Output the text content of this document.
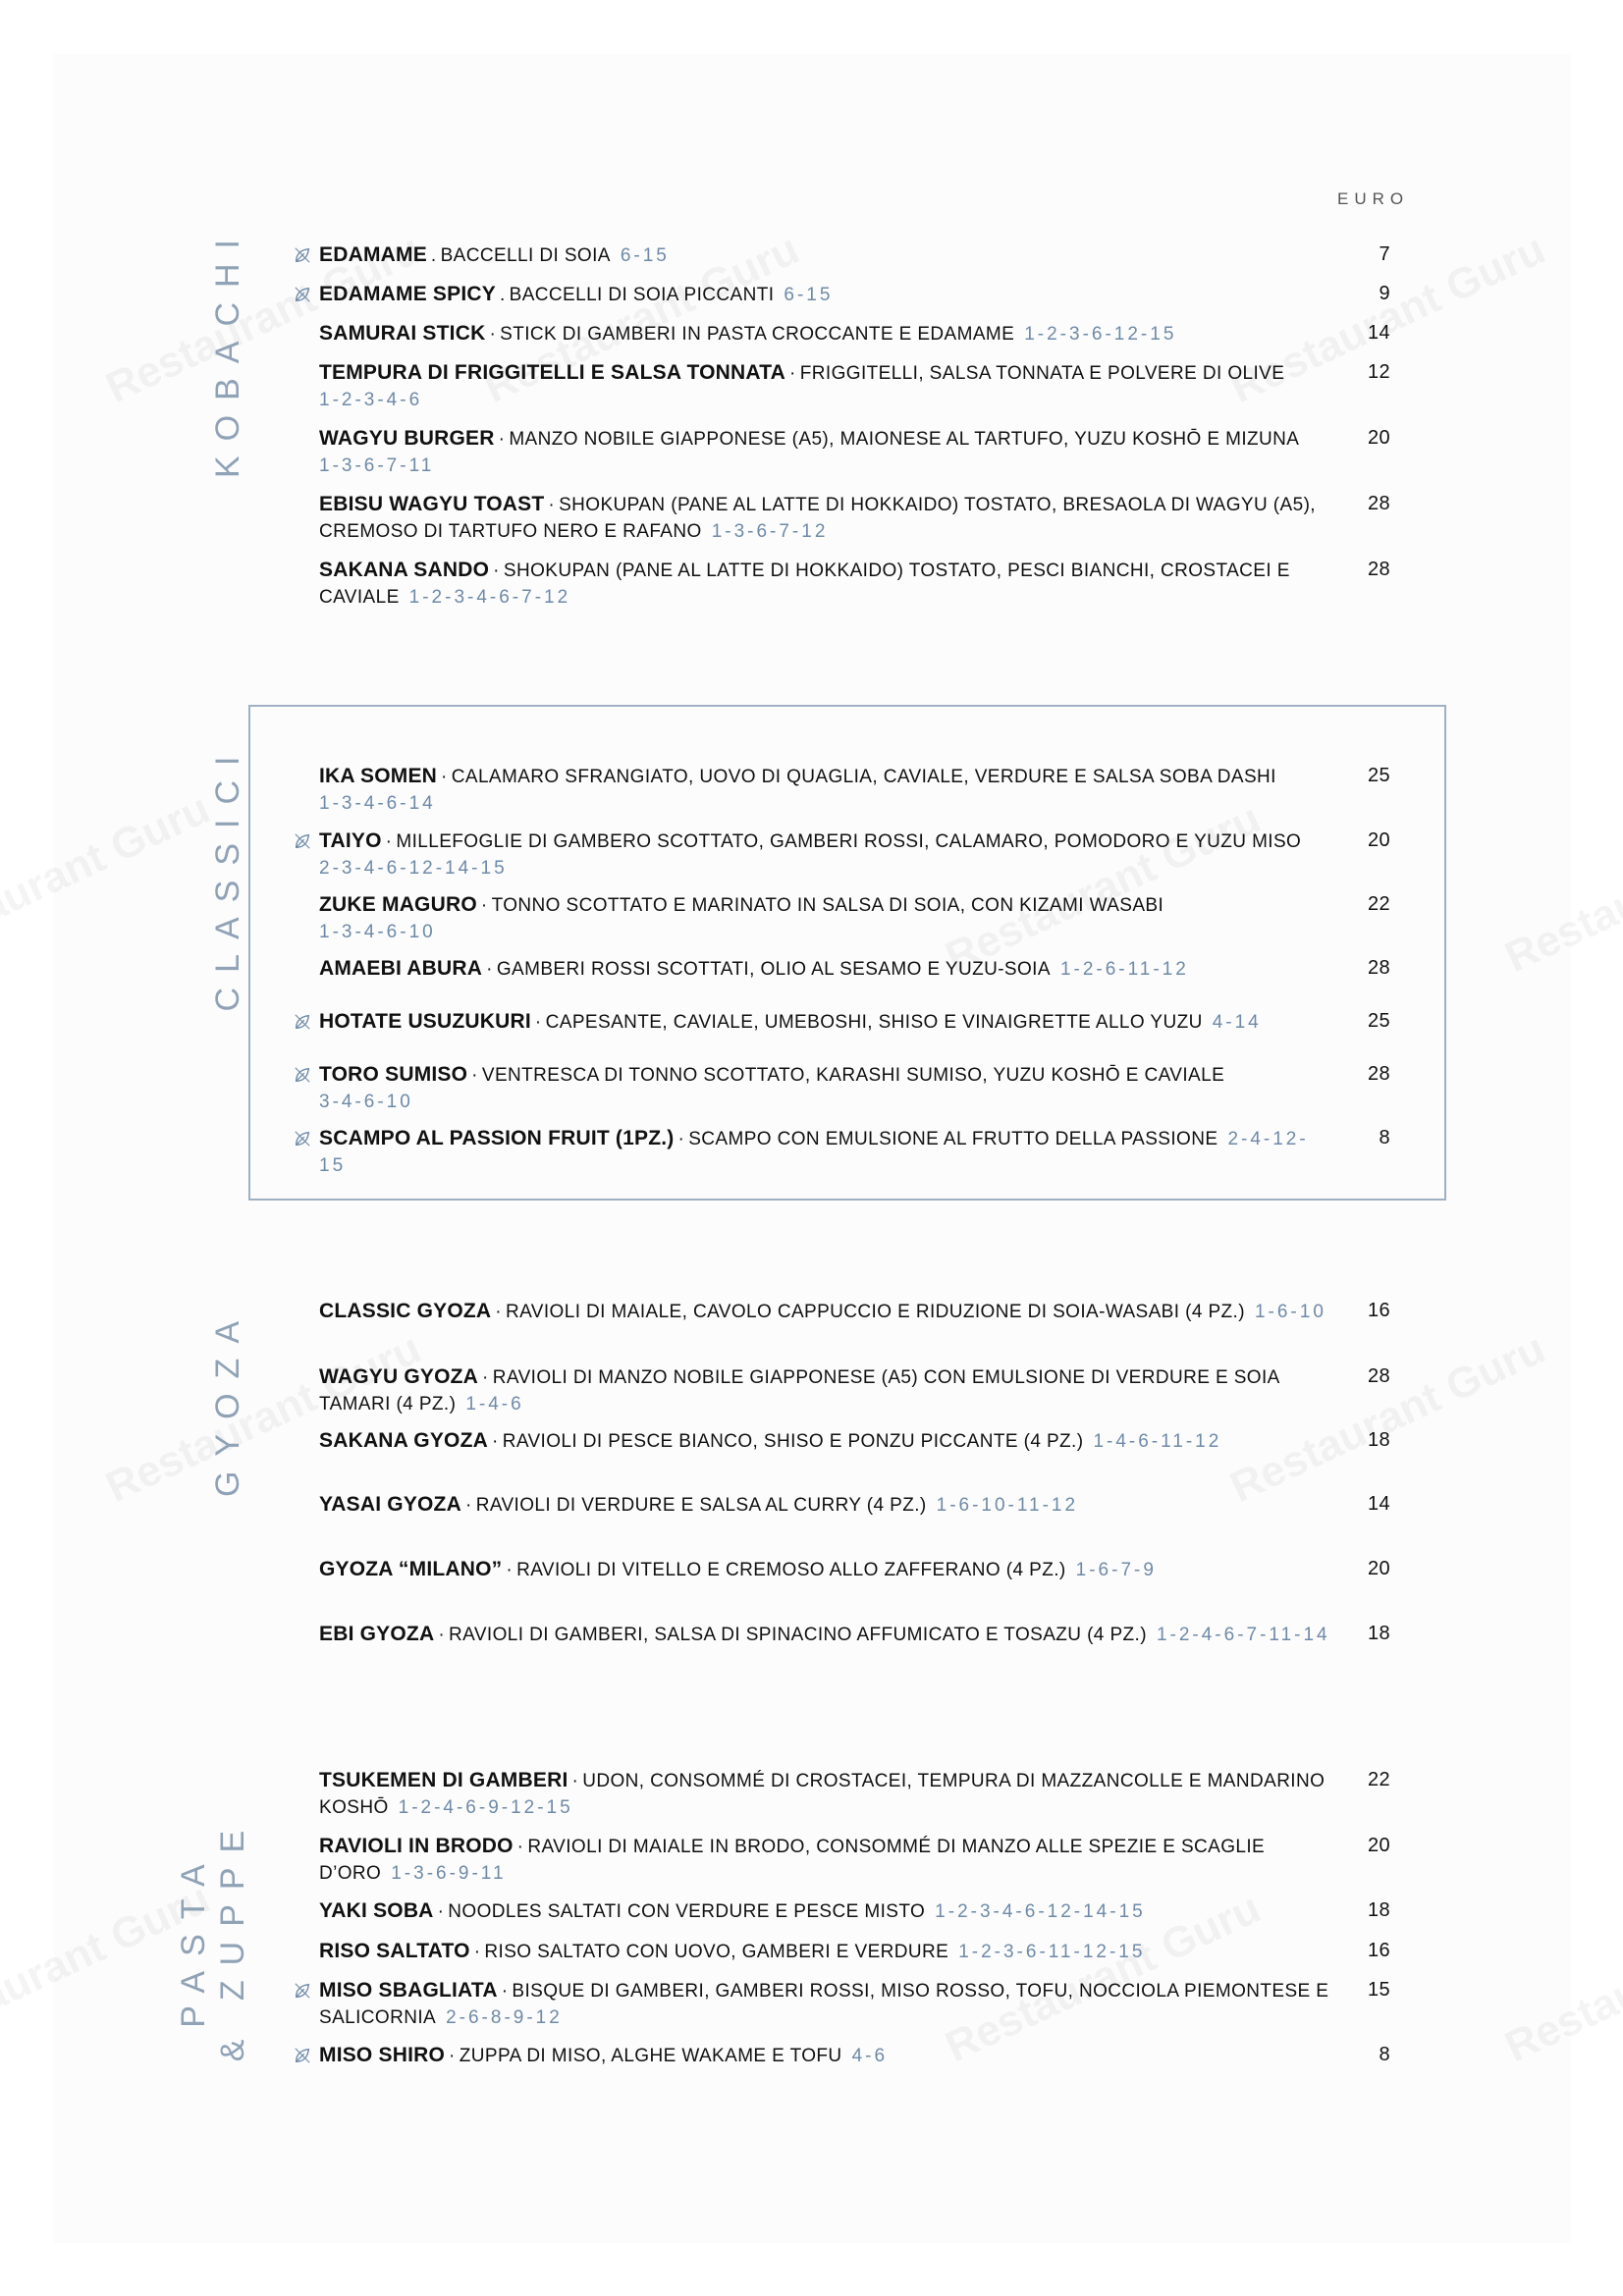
EURO
KOBACHI
CLASSICI
GYOZA
PASTA & ZUPPE
EDAMAME . BACCELLI DI SOIA 6-15	7
EDAMAME SPICY . BACCELLI DI SOIA PICCANTI 6-15	9
SAMURAI STICK · STICK DI GAMBERI IN PASTA CROCCANTE E EDAMAME 1-2-3-6-12-15	14
TEMPURA DI FRIGGITELLI E SALSA TONNATA · FRIGGITELLI, SALSA TONNATA E POLVERE DI OLIVE
1-2-3-4-6
12
WAGYU BURGER · MANZO NOBILE GIAPPONESE (A5), MAIONESE AL TARTUFO, YUZU KOSHŌ E MIZUNA
1-3-6-7-11
20
EBISU WAGYU TOAST · SHOKUPAN (PANE AL LATTE DI HOKKAIDO) TOSTATO, BRESAOLA DI WAGYU (A5), CREMOSO DI TARTUFO NERO E RAFANO 1-3-6-7-12
28
SAKANA SANDO · SHOKUPAN (PANE AL LATTE DI HOKKAIDO) TOSTATO, PESCI BIANCHI, CROSTACEI E CAVIALE 1-2-3-4-6-7-12
28
IKA SOMEN · CALAMARO SFRANGIATO, UOVO DI QUAGLIA, CAVIALE, VERDURE E SALSA SOBA DASHI
1-3-4-6-14
25
TAIYO · MILLEFOGLIE DI GAMBERO SCOTTATO, GAMBERI ROSSI, CALAMARO, POMODORO E YUZU MISO
2-3-4-6-12-14-15
20
ZUKE MAGURO · TONNO SCOTTATO E MARINATO IN SALSA DI SOIA, CON KIZAMI WASABI
1-3-4-6-10
22
AMAEBI ABURA · GAMBERI ROSSI SCOTTATI, OLIO AL SESAMO E YUZU-SOIA 1-2-6-11-12	28
HOTATE USUZUKURI · CAPESANTE, CAVIALE, UMEBOSHI, SHISO E VINAIGRETTE ALLO YUZU 4-14	25
TORO SUMISO · VENTRESCA DI TONNO SCOTTATO, KARASHI SUMISO, YUZU KOSHŌ E CAVIALE
3-4-6-10
28
SCAMPO AL PASSION FRUIT (1PZ.) · SCAMPO CON EMULSIONE AL FRUTTO DELLA PASSIONE 2-4-12-15
8
CLASSIC GYOZA · RAVIOLI DI MAIALE, CAVOLO CAPPUCCIO E RIDUZIONE DI SOIA-WASABI (4 PZ.) 1-6-10 16
WAGYU GYOZA · RAVIOLI DI MANZO NOBILE GIAPPONESE (A5) CON EMULSIONE DI VERDURE E SOIA TAMARI (4 PZ.) 1-4-6
28
SAKANA GYOZA · RAVIOLI DI PESCE BIANCO, SHISO E PONZU PICCANTE (4 PZ.) 1-4-6-11-12	18
YASAI GYOZA · RAVIOLI DI VERDURE E SALSA AL CURRY (4 PZ.) 1-6-10-11-12	14
GYOZA “MILANO” · RAVIOLI DI VITELLO E CREMOSO ALLO ZAFFERANO (4 PZ.) 1-6-7-9	20
EBI GYOZA · RAVIOLI DI GAMBERI, SALSA DI SPINACINO AFFUMICATO E TOSAZU (4 PZ.) 1-2-4-6-7-11-14 18
TSUKEMEN DI GAMBERI · UDON, CONSOMMÉ DI CROSTACEI, TEMPURA DI MAZZANCOLLE E MANDARINO KOSHŌ 1-2-4-6-9-12-15
22
RAVIOLI IN BRODO · RAVIOLI DI MAIALE IN BRODO, CONSOMMÉ DI MANZO ALLE SPEZIE E SCAGLIE D’ORO 1-3-6-9-11
20
YAKI SOBA · NOODLES SALTATI CON VERDURE E PESCE MISTO 1-2-3-4-6-12-14-15	18
RISO SALTATO · RISO SALTATO CON UOVO, GAMBERI E VERDURE 1-2-3-6-11-12-15	16
MISO SBAGLIATA · BISQUE DI GAMBERI, GAMBERI ROSSI, MISO ROSSO, TOFU, NOCCIOLA PIEMONTESE E SALICORNIA 2-6-8-9-12
15
MISO SHIRO · ZUPPA DI MISO, ALGHE WAKAME E TOFU 4-6	8
